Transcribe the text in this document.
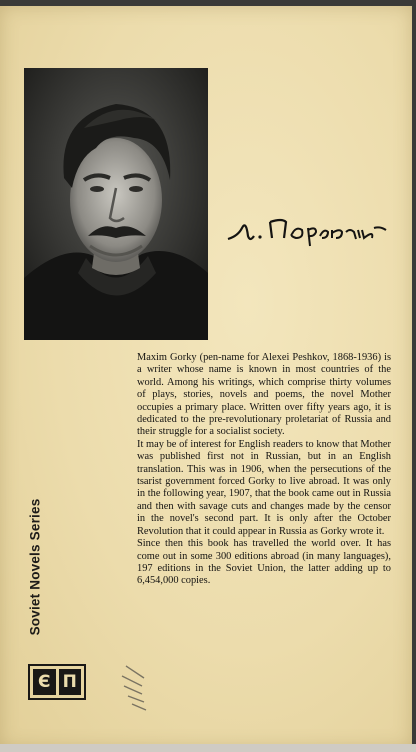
Maxim Gorky (pen-name for Alexei Peshkov, 1868-1936) is a writer whose name is known in most countries of the world. Among his writings, which comprise thirty volumes of plays, stories, novels and poems, the novel Mother occupies a primary place. Written over fifty years ago, it is dedicated to the pre-revolutionary proletariat of Russia and their struggle for a socialist society.

It may be of interest for English readers to know that Mother was published first not in Russian, but in an English translation. This was in 1906, when the persecutions of the tsarist government forced Gorky to live abroad. It was only in the following year, 1907, that the book came out in Russia and then with savage cuts and changes made by the censor in the novel's second part. It is only after the October Revolution that it could appear in Russia as Gorky wrote it.

Since then this book has travelled the world over. It has come out in some 300 editions abroad (in many languages), 197 editions in the Soviet Union, the latter adding up to 6,454,000 copies.

Soviet Novels Series
Є П
